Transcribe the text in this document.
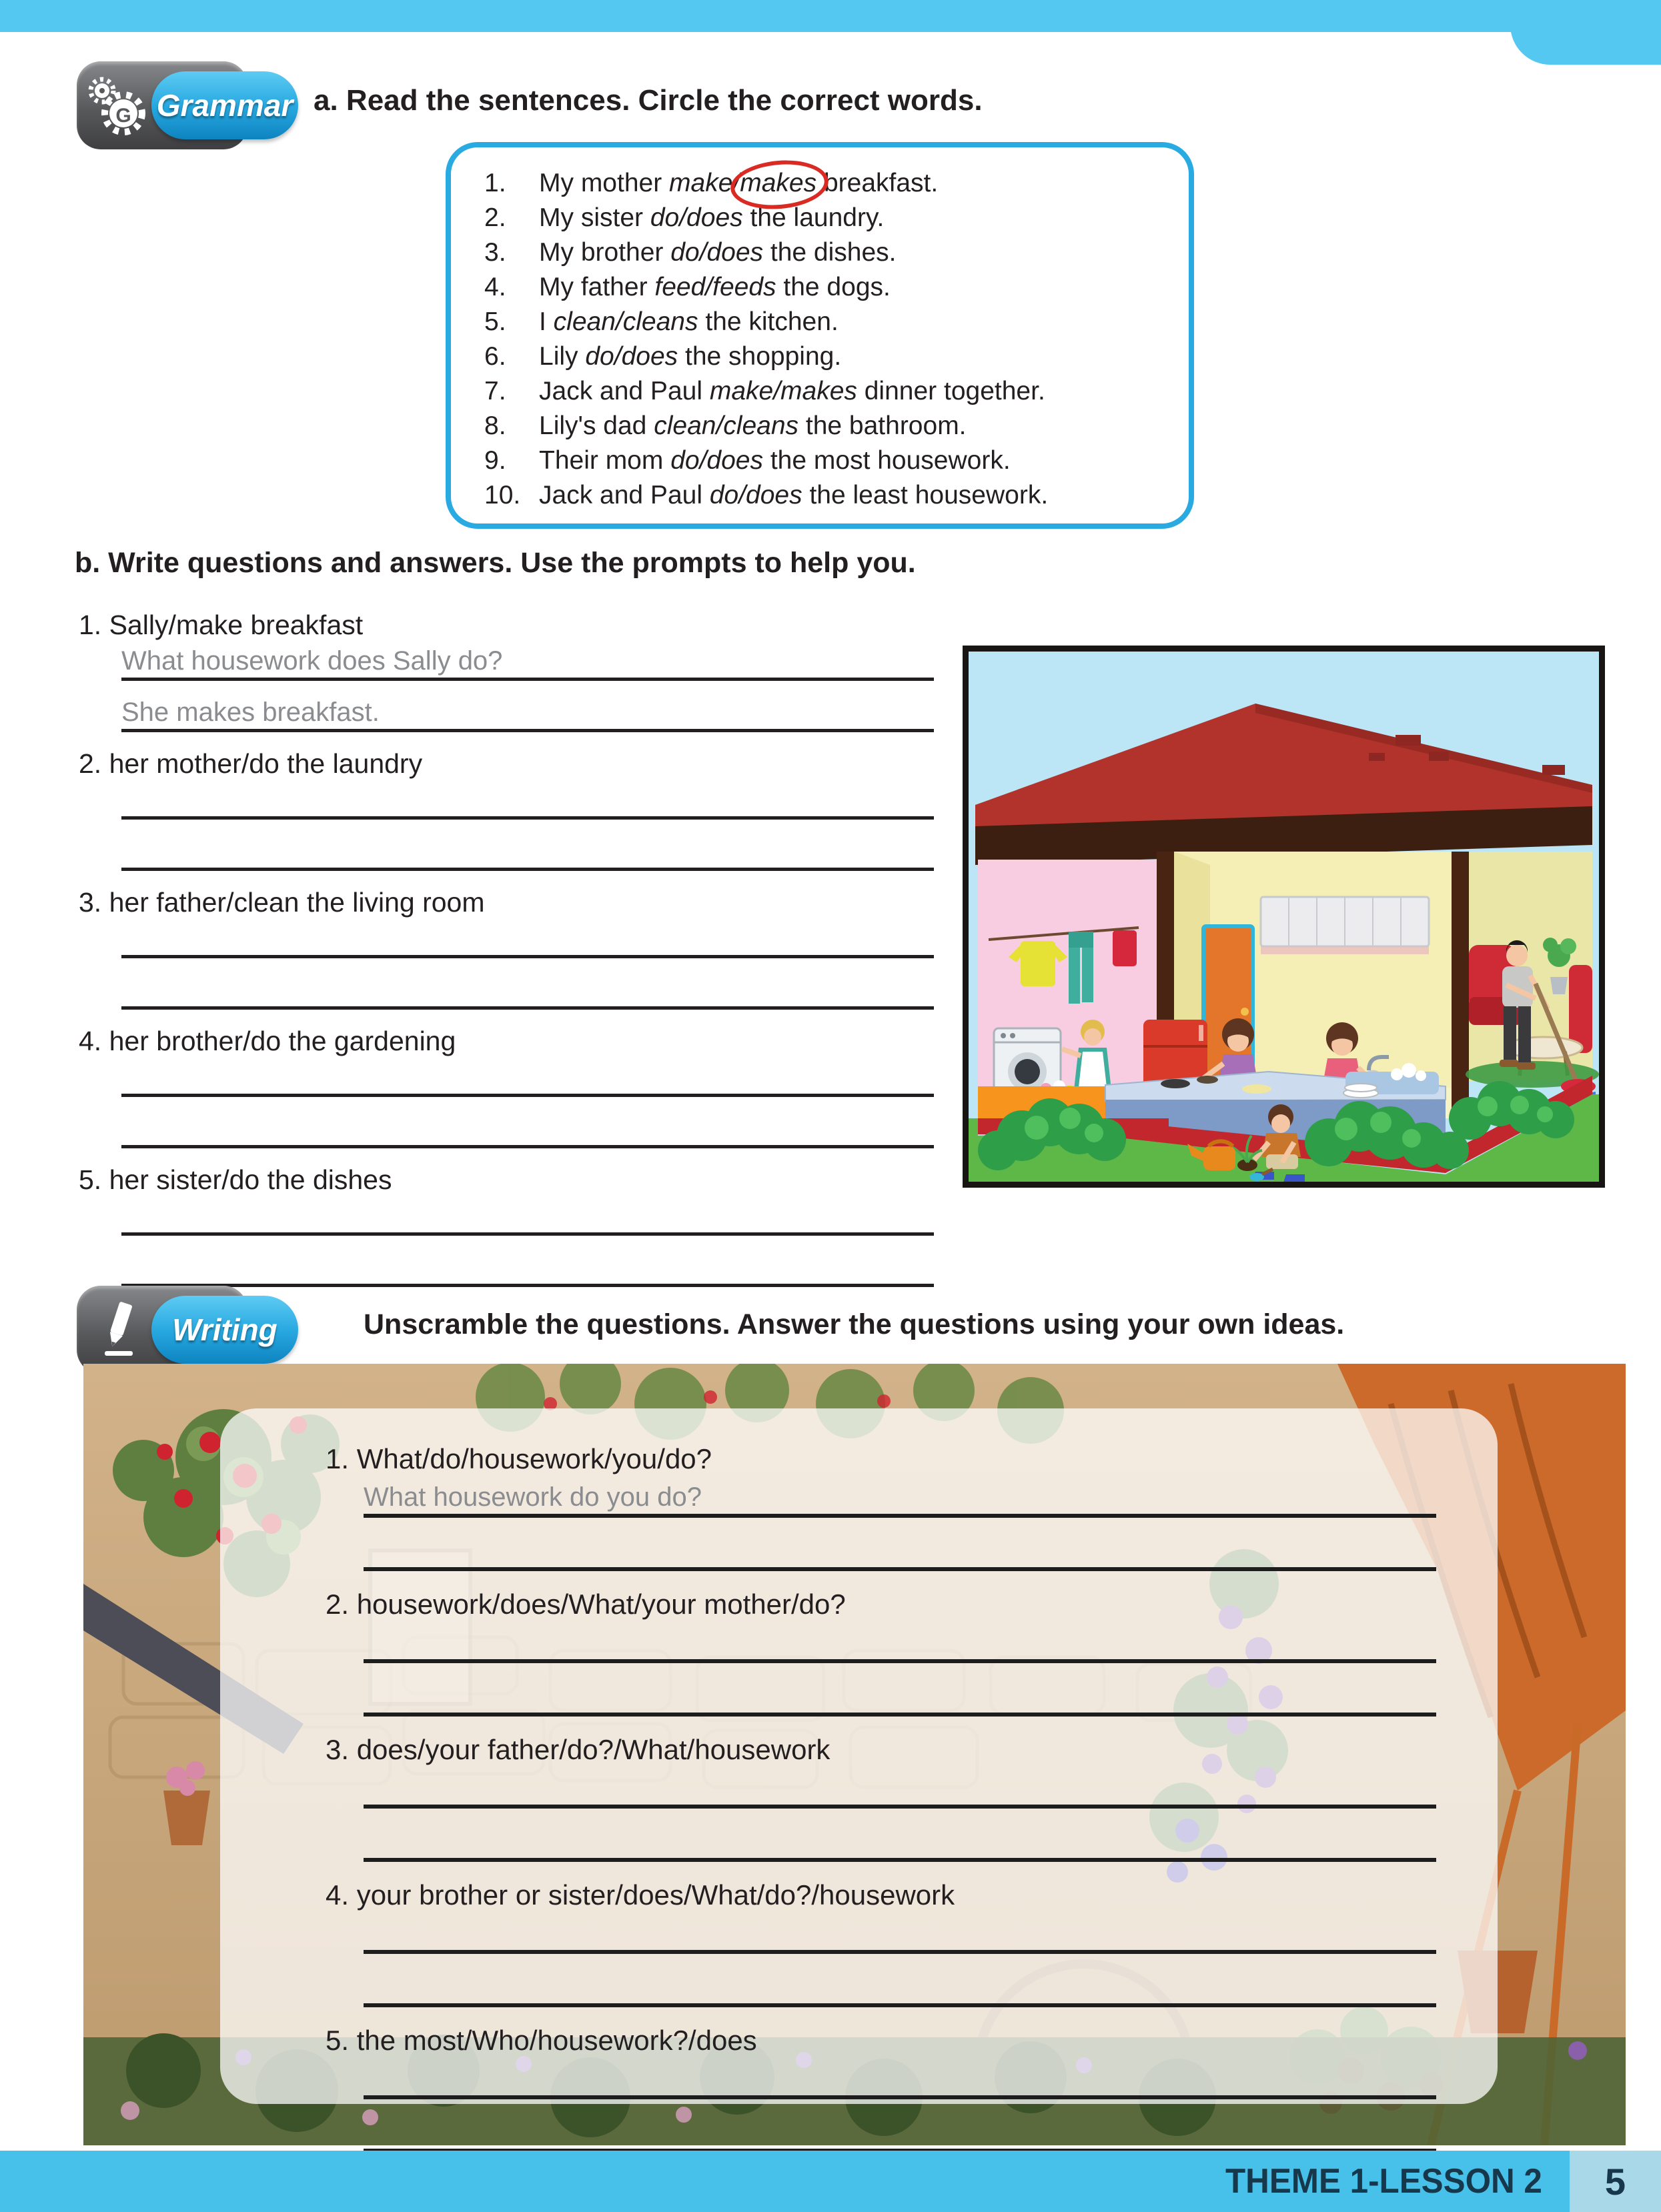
G Grammar a. Read the sentences. Circle the correct words.
1.	My mother make/makes breakfast.
2.	My sister do/does the laundry.
3.	My brother do/does the dishes.
4.	My father feed/feeds the dogs.
5.	I clean/cleans the kitchen.
6.	Lily do/does the shopping.
7.	Jack and Paul make/makes dinner together.
8.	Lily's dad clean/cleans the bathroom.
9.	Their mom do/does the most housework.
10. Jack and Paul do/does the least housework.
b. Write questions and answers. Use the prompts to help you.
1. Sally/make breakfast
What housework does Sally do?
She makes breakfast.
2. her mother/do the laundry
3. her father/clean the living room
4. her brother/do the gardening
5. her sister/do the dishes
Writing	Unscramble the questions. Answer the questions using your own ideas.
1. What/do/housework/you/do?
What housework do you do?
2. housework/does/What/your mother/do?
3. does/your father/do?/What/housework
4. your brother or sister/does/What/do?/housework
5. the most/Who/housework?/does
THEME 1-LESSON 2	5
